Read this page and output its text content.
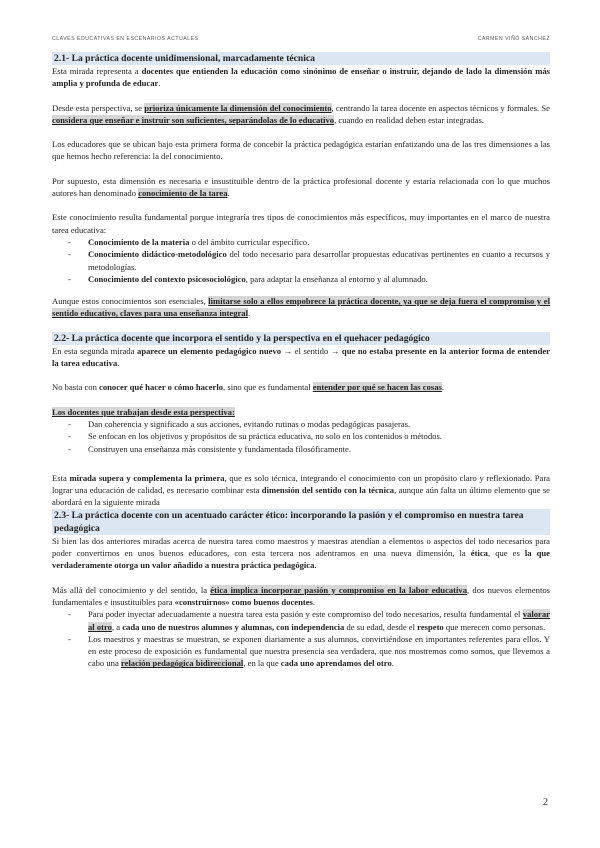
CLAVES EDUCATIVAS EN ESCENARIOS ACTUALES	CARMEN VIÑÓ SÁNCHEZ
2.1- La práctica docente unidimensional, marcadamente técnica

Esta mirada representa a docentes que entienden la educación como sinónimo de enseñar o instruir, dejando de lado la dimensión más amplia y profunda de educar.

Desde esta perspectiva, se prioriza únicamente la dimensión del conocimiento, centrando la tarea docente en aspectos técnicos y formales. Se considera que enseñar e instruir son suficientes, separándolas de lo educativo, cuando en realidad deben estar integradas.

Los educadores que se ubican bajo esta primera forma de concebir la práctica pedagógica estarían enfatizando una de las tres dimensiones a las que hemos hecho referencia: la del conocimiento.

Por supuesto, esta dimensión es necesaria e insustituible dentro de la práctica profesional docente y estaría relacionada con lo que muchos autores han denominado conocimiento de la tarea.

Este conocimiento resulta fundamental porque integraría tres tipos de conocimientos más específicos, muy importantes en el marco de nuestra tarea educativa:

- Conocimiento de la materia o del ámbito curricular específico.
- Conocimiento didáctico-metodológico del todo necesario para desarrollar propuestas educativas pertinentes en cuanto a recursos y metodologías.
- Conocimiento del contexto psicosociológico, para adaptar la enseñanza al entorno y al alumnado.

Aunque estos conocimientos son esenciales, limitarse solo a ellos empobrece la práctica docente, ya que se deja fuera el compromiso y el sentido educativo, claves para una enseñanza integral.

2.2- La práctica docente que incorpora el sentido y la perspectiva en el quehacer pedagógico

En esta segunda mirada aparece un elemento pedagógico nuevo → el sentido → que no estaba presente en la anterior forma de entender la tarea educativa.

No basta con conocer qué hacer o cómo hacerlo, sino que es fundamental entender por qué se hacen las cosas.

Los docentes que trabajan desde esta perspectiva:

- Dan coherencia y significado a sus acciones, evitando rutinas o modas pedagógicas pasajeras.
- Se enfocan en los objetivos y propósitos de su práctica educativa, no solo en los contenidos o métodos.
- Construyen una enseñanza más consistente y fundamentada filosóficamente.

Esta mirada supera y complementa la primera, que es solo técnica, integrando el conocimiento con un propósito claro y reflexionado. Para lograr una educación de calidad, es necesario combinar esta dimensión del sentido con la técnica, aunque aún falta un último elemento que se abordará en la siguiente mirada

2.3- La práctica docente con un acentuado carácter ético: incorporando la pasión y el compromiso en nuestra tarea pedagógica

Si bien las dos anteriores miradas acerca de nuestra tarea como maestros y maestras atendían a elementos o aspectos del todo necesarios para poder convertirnos en unos buenos educadores, con esta tercera nos adentramos en una nueva dimensión, la ética, que es la que verdaderamente otorga un valor añadido a nuestra práctica pedagógica.

Más allá del conocimiento y del sentido, la ética implica incorporar pasión y compromiso en la labor educativa, dos nuevos elementos fundamentales e insustituibles para «construirnos» como buenos docentes.

- Para poder inyectar adecuadamente a nuestra tarea esta pasión y este compromiso del todo necesarios, resulta fundamental el valorar al otro, a cada uno de nuestros alumnos y alumnas, con independencia de su edad, desde el respeto que merecen como personas.
- Los maestros y maestras se muestran, se exponen diariamente a sus alumnos, convirtiéndose en importantes referentes para ellos. Y en este proceso de exposición es fundamental que nuestra presencia sea verdadera, que nos mostremos como somos, que llevemos a cabo una relación pedagógica bidireccional, en la que cada uno aprendamos del otro.
2
